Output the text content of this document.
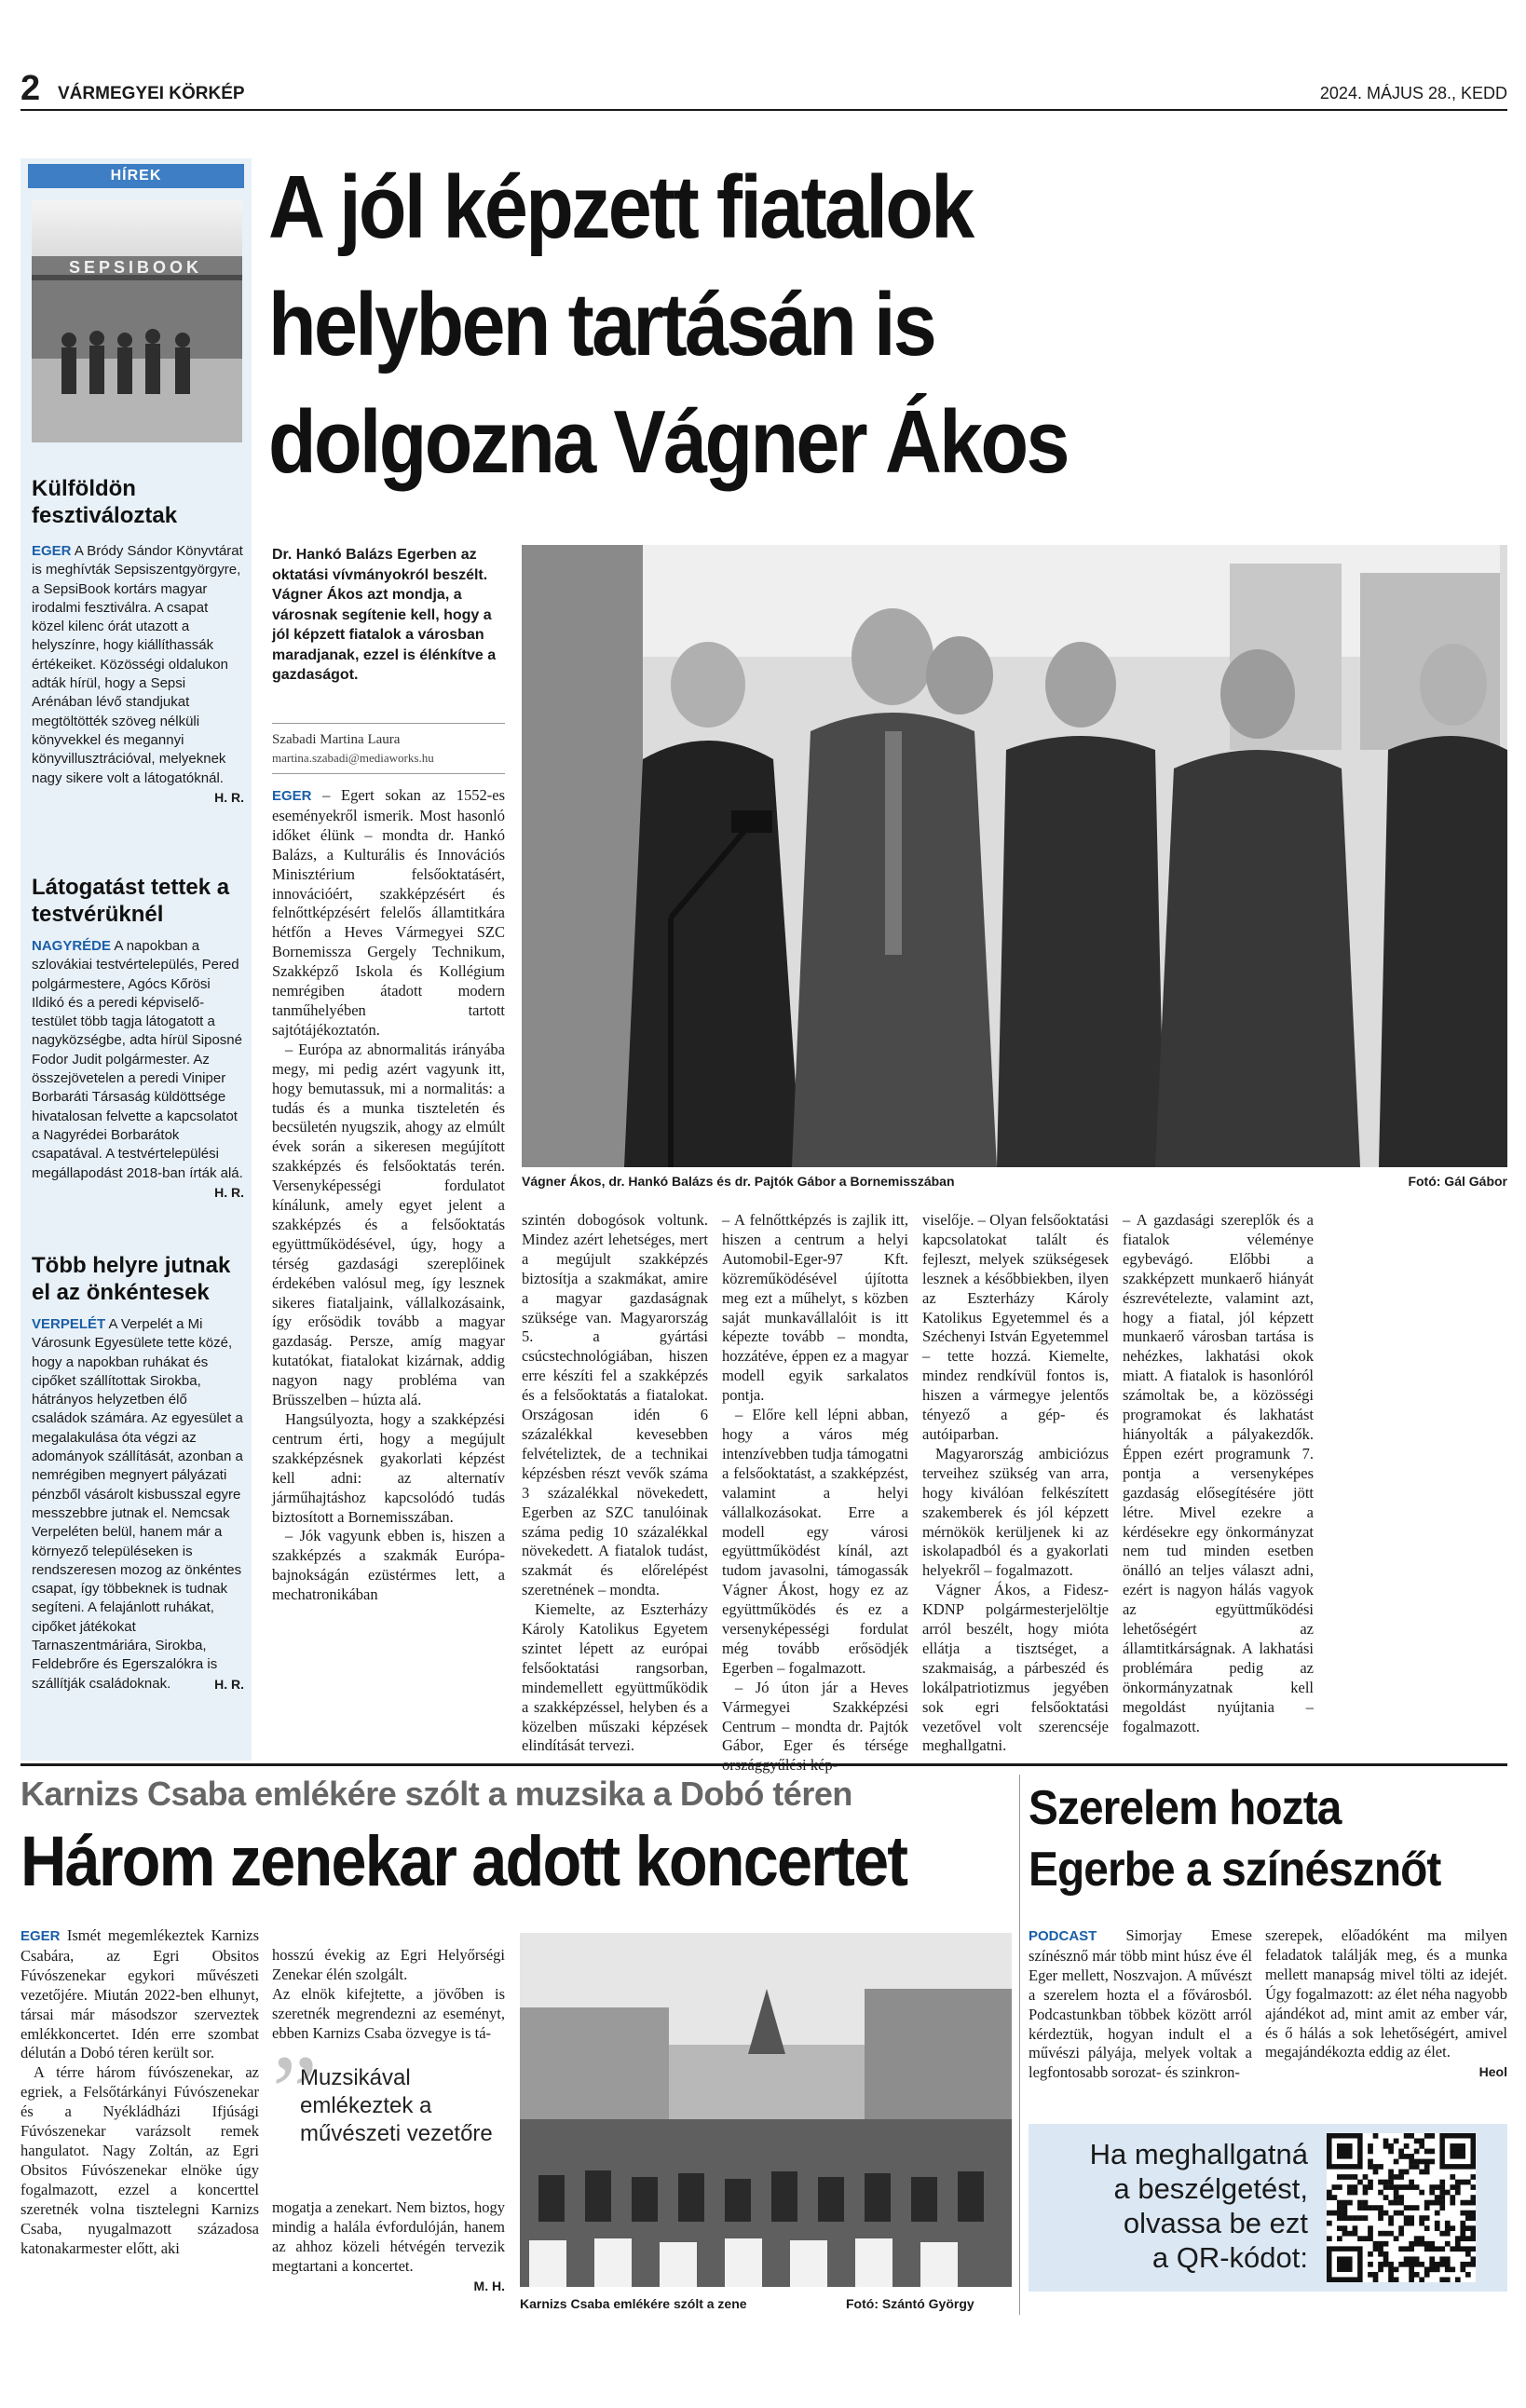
2 VÁRMEGYEI KÖRKÉP	2024. MÁJUS 28., KEDD
HÍREK
SEPSIBOOK
Külföldön fesztiváloztak
EGER A Bródy Sándor Könyvtárat is meghívták Sepsiszentgyörgyre, a SepsiBook kortárs magyar irodalmi fesztiválra. A csapat közel kilenc órát utazott a helyszínre, hogy kiállíthassák értékeiket. Közösségi oldalukon adták hírül, hogy a Sepsi Arénában lévő standjukat megtöltötték szöveg nélküli könyvekkel és megannyi könyvillusztrációval, melyeknek nagy sikere volt a látogatóknál.
H. R.
Látogatást tettek a testvérüknél
NAGYRÉDE A napokban a szlovákiai testvértelepülés, Pered polgármestere, Agócs Kőrösi Ildikó és a peredi képviselő-testület több tagja látogatott a nagyközségbe, adta hírül Siposné Fodor Judit polgármester. Az összejövetelen a peredi Viniper Borbaráti Társaság küldöttsége hivatalosan felvette a kapcsolatot a Nagyrédei Borbarátok csapatával. A testvértelepülési megállapodást 2018-ban írták alá.
H. R.
Több helyre jutnak el az önkéntesek
VERPELÉT A Verpelét a Mi Városunk Egyesülete tette közé, hogy a napokban ruhákat és cipőket szállítottak Sirokba, hátrányos helyzetben élő családok számára. Az egyesület a megalakulása óta végzi az adományok szállítását, azonban a nemrégiben megnyert pályázati pénzből vásárolt kisbusszal egyre messzebbre jutnak el. Nemcsak Verpeléten belül, hanem már a környező településeken is rendszeresen mozog az önkéntes csapat, így többeknek is tudnak segíteni. A felajánlott ruhákat, cipőket játékokat Tarnaszentmáriára, Sirokba, Feldebrőre és Egerszalókra is szállítják családoknak.	H. R.
A jól képzett fiatalok
helyben tartásán is
dolgozna Vágner Ákos
Dr. Hankó Balázs Egerben az oktatási vívmányokról beszélt. Vágner Ákos azt mondja, a városnak segítenie kell, hogy a jól képzett fiatalok a városban maradjanak, ezzel is élénkítve a gazdaságot.
Szabadi Martina Laura
martina.szabadi@mediaworks.hu
Vágner Ákos, dr. Hankó Balázs és dr. Pajtók Gábor a Bornemisszában	Fotó: Gál Gábor

EGER – Egert sokan az 1552-es eseményekről ismerik. Most hasonló időket élünk – mondta dr. Hankó Balázs, a Kulturális és Innovációs Minisztérium felsőoktatásért, innovációért, szakképzésért és felnőttképzésért felelős államtitkára hétfőn a Heves Vármegyei SZC Bornemissza Gergely Technikum, Szakképző Iskola és Kollégium nemrégiben átadott modern tanműhelyében tartott sajtótájékoztatón.

– Európa az abnormalitás irányába megy, mi pedig azért vagyunk itt, hogy bemutassuk, mi a normalitás: a tudás és a munka tiszteletén és becsületén nyugszik, ahogy az elmúlt évek során a sikeresen megújított szakképzés és felsőoktatás terén. Versenyképességi fordulatot kínálunk, amely egyet jelent a szakképzés és a felsőoktatás együttműködésével, úgy, hogy a térség gazdasági szereplőinek érdekében valósul meg, így lesznek sikeres fiataljaink, vállalkozásaink, így erősödik tovább a magyar gazdaság. Persze, amíg magyar kutatókat, fiatalokat kizárnak, addig nagyon nagy probléma van Brüsszelben – húzta alá.

Hangsúlyozta, hogy a szakképzési centrum érti, hogy a megújult szakképzésnek gyakorlati képzést kell adni: az alternatív járműhajtáshoz kapcsolódó tudás biztosított a Bornemisszában.

– Jók vagyunk ebben is, hiszen a szakképzés a szakmák Európa-bajnokságán ezüstérmes lett, a mechatronikában

szintén dobogósok voltunk. Mindez azért lehetséges, mert a megújult szakképzés biztosítja a szakmákat, amire a magyar gazdaságnak szüksége van. Magyarország 5. a gyártási csúcstechnológiában, hiszen erre készíti fel a szakképzés és a felsőoktatás a fiatalokat. Országosan idén 6 százalékkal kevesebben felvételiztek, de a technikai képzésben részt vevők száma 3 százalékkal növekedett, Egerben az SZC tanulóinak száma pedig 10 százalékkal növekedett. A fiatalok tudást, szakmát és előrelépést szeretnének – mondta.

Kiemelte, az Eszterházy Károly Katolikus Egyetem szintet lépett az európai felsőoktatási rangsorban, mindemellett együttműködik a szakképzéssel, helyben és a közelben műszaki képzések elindítását tervezi.

– A felnőttképzés is zajlik itt, hiszen a centrum a helyi Automobil-Eger-97 Kft. közreműködésével újította meg ezt a műhelyt, s közben saját munkavállalóit is itt képezte tovább – mondta, hozzátéve, éppen ez a magyar modell egyik sarkalatos pontja.

– Előre kell lépni abban, hogy a város még intenzívebben tudja támogatni a felsőoktatást, a szakképzést, valamint a helyi vállalkozásokat. Erre a modell egy városi együttműködést kínál, azt tudom javasolni, támogassák Vágner Ákost, hogy ez az együttműködés és ez a versenyképességi fordulat még tovább erősödjék Egerben – fogalmazott.

– Jó úton jár a Heves Vármegyei Szakképzési Centrum – mondta dr. Pajtók Gábor, Eger és térsége

viselője. – Olyan felsőoktatási kapcsolatokat talált és fejleszt, melyek szükségesek lesznek a későbbiekben, ilyen az Eszterházy Károly Katolikus Egyetemmel és a Széchenyi István Egyetemmel – tette hozzá. Kiemelte, mindez rendkívül fontos is, hiszen a vármegye jelentős tényező a gép- és autóiparban.

Magyarország ambiciózus terveihez szükség van arra, hogy kiválóan felkészített szakemberek és jól képzett mérnökök kerüljenek ki az iskolapadból és a gyakorlati helyekről – fogalmazott.

Vágner Ákos, a Fidesz-KDNP polgármesterjelöltje arról beszélt, hogy mióta ellátja a tisztséget, a szakmaiság, a párbeszéd és lokálpatriotizmus jegyében sok egri felsőoktatási vezetővel volt szerencséje meghallgatni.

– A gazdasági szereplők és a fiatalok véleménye egybevágó. Előbbi a szakképzett munkaerő hiányát észrevételezte, valamint azt, hogy a fiatal, jól képzett munkaerő városban tartása is nehézkes, lakhatási okok miatt. A fiatalok is hasonlóról számoltak be, a közösségi programokat és lakhatást hiányolták a pályakezdők. Éppen ezért programunk 7. pontja a versenyképes gazdaság elősegítésére jött létre. Mivel ezekre a kérdésekre egy önkormányzat nem tud minden esetben önálló an teljes választ adni, ezért is nagyon hálás vagyok az együttműködési lehetőségért az államtitkárságnak. A lakhatási problémára pedig az önkormányzatnak kell megoldást nyújtania – fogalmazott.

Karnizs Csaba emlékére szólt a muzsika a Dobó téren
Három zenekar adott koncertet

EGER Ismét megemlékeztek Karnizs Csabára, az Egri Obsitos Fúvószenekar egykori művészeti vezetőjére. Miután 2022-ben elhunyt, társai már másodszor szerveztek emlékkoncertet. Idén erre szombat délután a Dobó téren került sor.

A térre három fúvószenekar, az egriek, a Felsőtárkányi Fúvószenekar és a Nyékládházi Ifjúsági Fúvószenekar varázsolt remek hangulatot. Nagy Zoltán, az Egri Obsitos Fúvószenekar elnöke úgy fogalmazott, ezzel a koncerttel szeretnék volna tisztelegni Karnizs Csaba, nyugalmazott századosa katonakarmester előtt, aki

hosszú évekig az Egri Helyőrségi Zenekar élén szolgált.
Az elnök kifejtette, a jövőben is szeretnék megrendezni az eseményt, ebben Karnizs Csaba özvegye is tá-

”
Muzsikával emlékeztek a művészeti vezetőre

mogatja a zenekart. Nem biztos, hogy mindig a halála évfordulóján, hanem az ahhoz közeli hétvégén tervezik megtartani a koncertet.

M. H.
Karnizs Csaba emlékére szólt a zene	Fotó: Szántó György
Szerelem hozta
Egerbe a színésznőt

PODCAST Simorjay Emese színésznő már több mint húsz éve él Eger mellett, Noszvajon. A művészt a szerelem hozta el a fővárosból. Podcastunkban többek között arról kérdeztük, hogyan indult el a művészi pályája, melyek voltak a legfontosabb sorozat- és szinkron-

szerepek, előadóként ma milyen feladatok találják meg, és a munka mellett manapság mivel tölti az idejét. Úgy fogalmazott: az élet néha nagyobb ajándékot ad, mint amit az ember vár, és ő hálás a sok lehetőségért, amivel megajándékozta eddig az élet.

Heol
Ha meghallgatná
a beszélgetést,
olvassa be ezt
a QR-kódot:
